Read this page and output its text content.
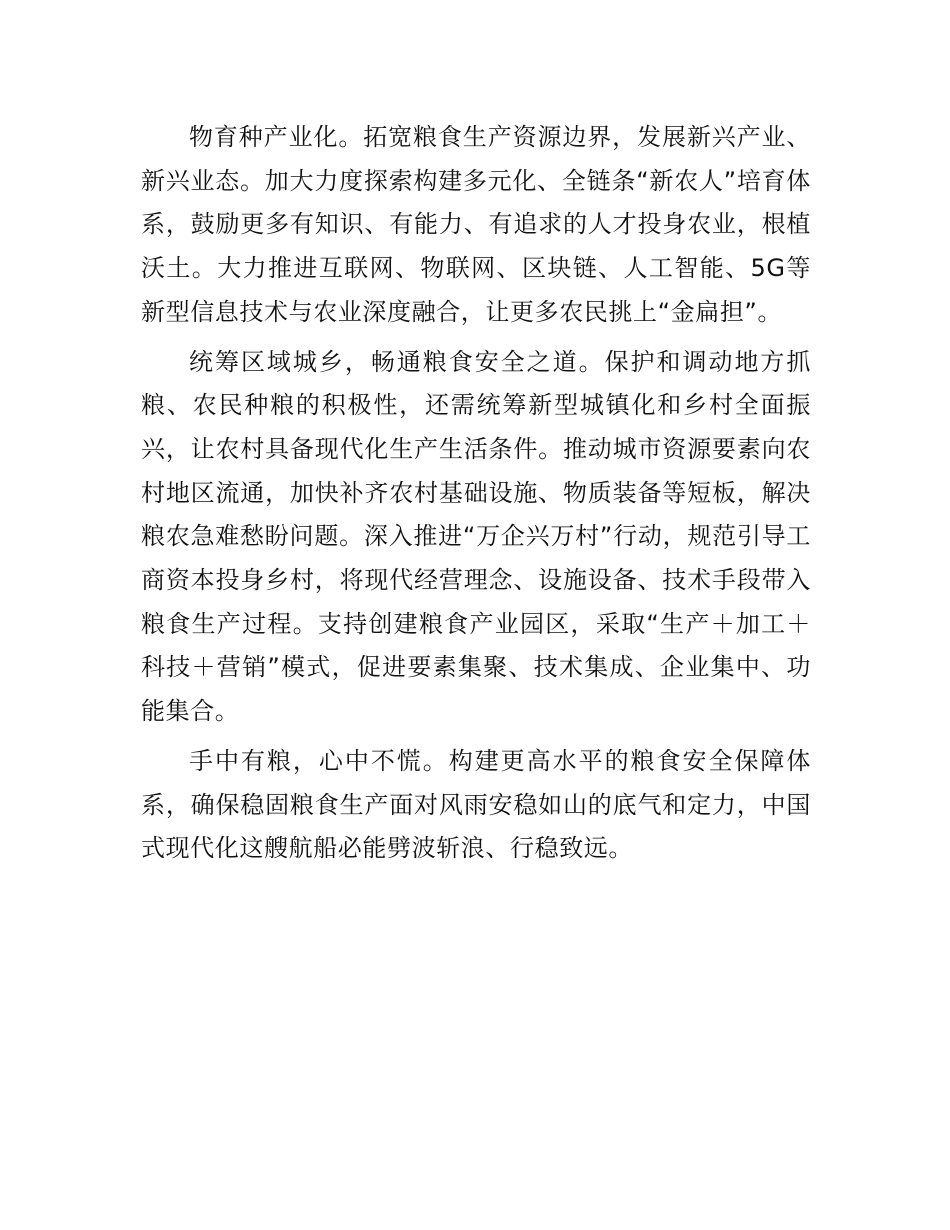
物育种产业化。拓宽粮食生产资源边界，发展新兴产业、新兴业态。加大力度探索构建多元化、全链条“新农人”培育体系，鼓励更多有知识、有能力、有追求的人才投身农业，根植沃土。大力推进互联网、物联网、区块链、人工智能、5G等新型信息技术与农业深度融合，让更多农民挑上“金扁担”。

统筹区域城乡，畅通粮食安全之道。保护和调动地方抓粮、农民种粮的积极性，还需统筹新型城镇化和乡村全面振兴，让农村具备现代化生产生活条件。推动城市资源要素向农村地区流通，加快补齐农村基础设施、物质装备等短板，解决粮农急难愁盼问题。深入推进“万企兴万村”行动，规范引导工商资本投身乡村，将现代经营理念、设施设备、技术手段带入粮食生产过程。支持创建粮食产业园区，采取“生产＋加工＋科技＋营销”模式，促进要素集聚、技术集成、企业集中、功能集合。

手中有粮，心中不慌。构建更高水平的粮食安全保障体系，确保稳固粮食生产面对风雨安稳如山的底气和定力，中国式现代化这艘航船必能劈波斩浪、行稳致远。
